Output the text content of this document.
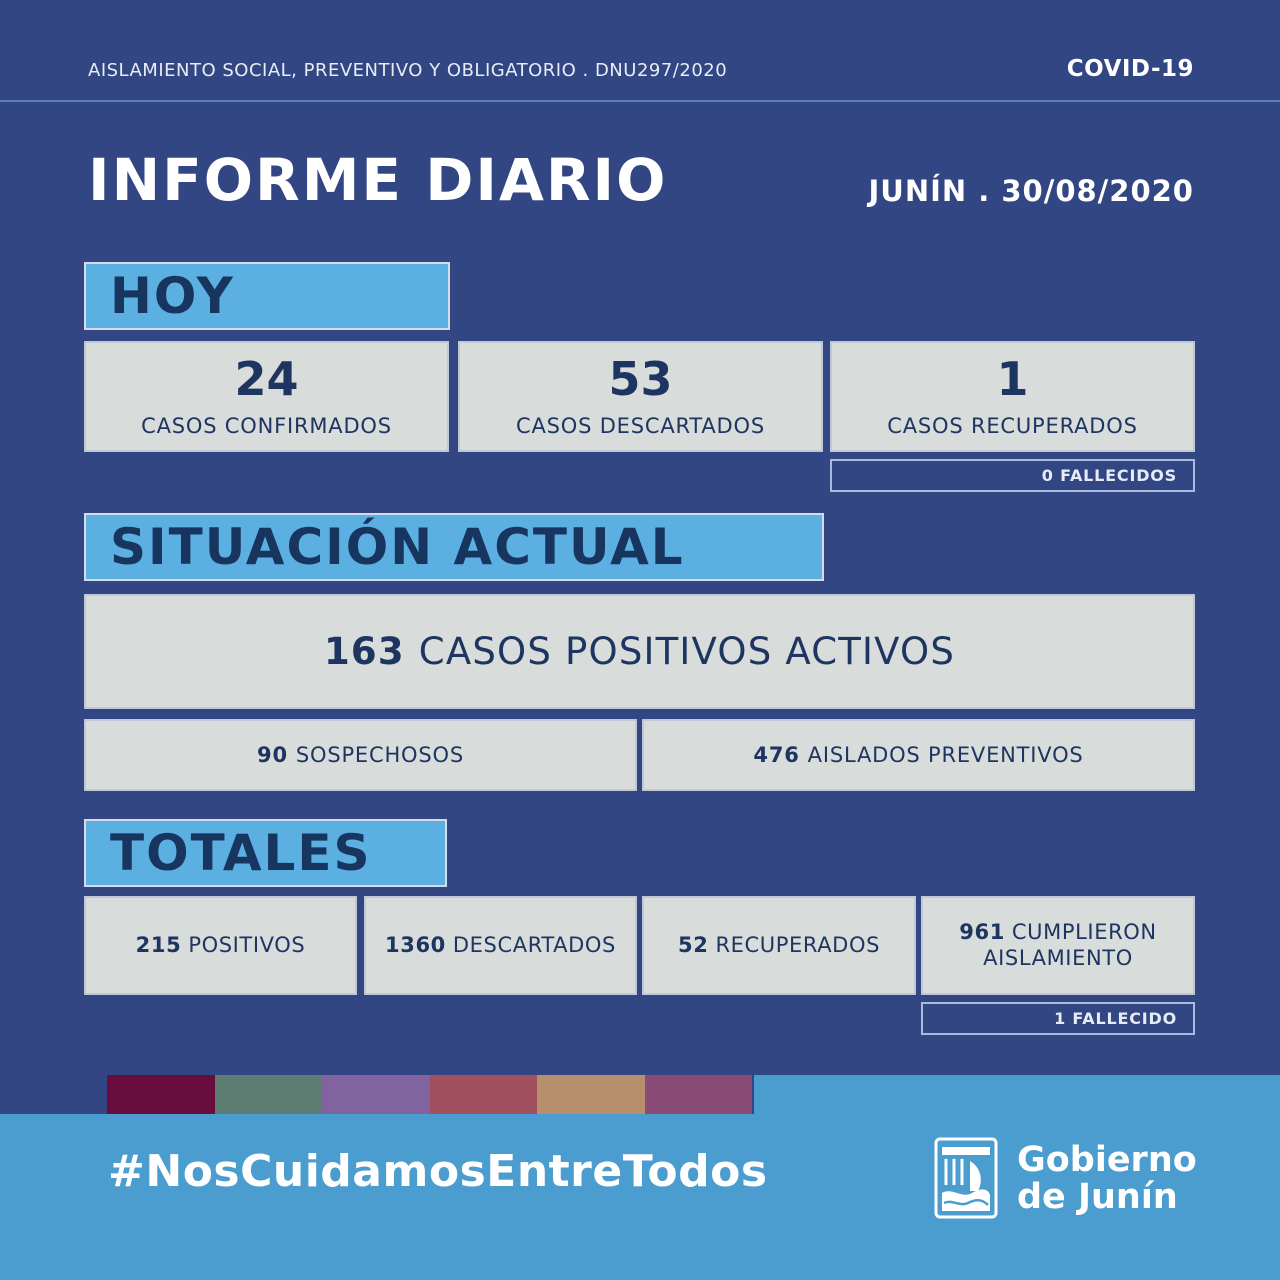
AISLAMIENTO SOCIAL, PREVENTIVO Y OBLIGATORIO . DNU297/2020	COVID-19
INFORME DIARIO	JUNÍN . 30/08/2020
HOY
24
CASOS CONFIRMADOS
53
CASOS DESCARTADOS
1
CASOS RECUPERADOS
0 FALLECIDOS
SITUACIÓN ACTUAL
163 CASOS POSITIVOS ACTIVOS
90 SOSPECHOSOS	476 AISLADOS PREVENTIVOS
TOTALES
215 POSITIVOS	1360 DESCARTADOS	52 RECUPERADOS
961 CUMPLIERON
AISLAMIENTO
1 FALLECIDO
#NosCuidamosEntreTodos	Gobierno
de Junín
